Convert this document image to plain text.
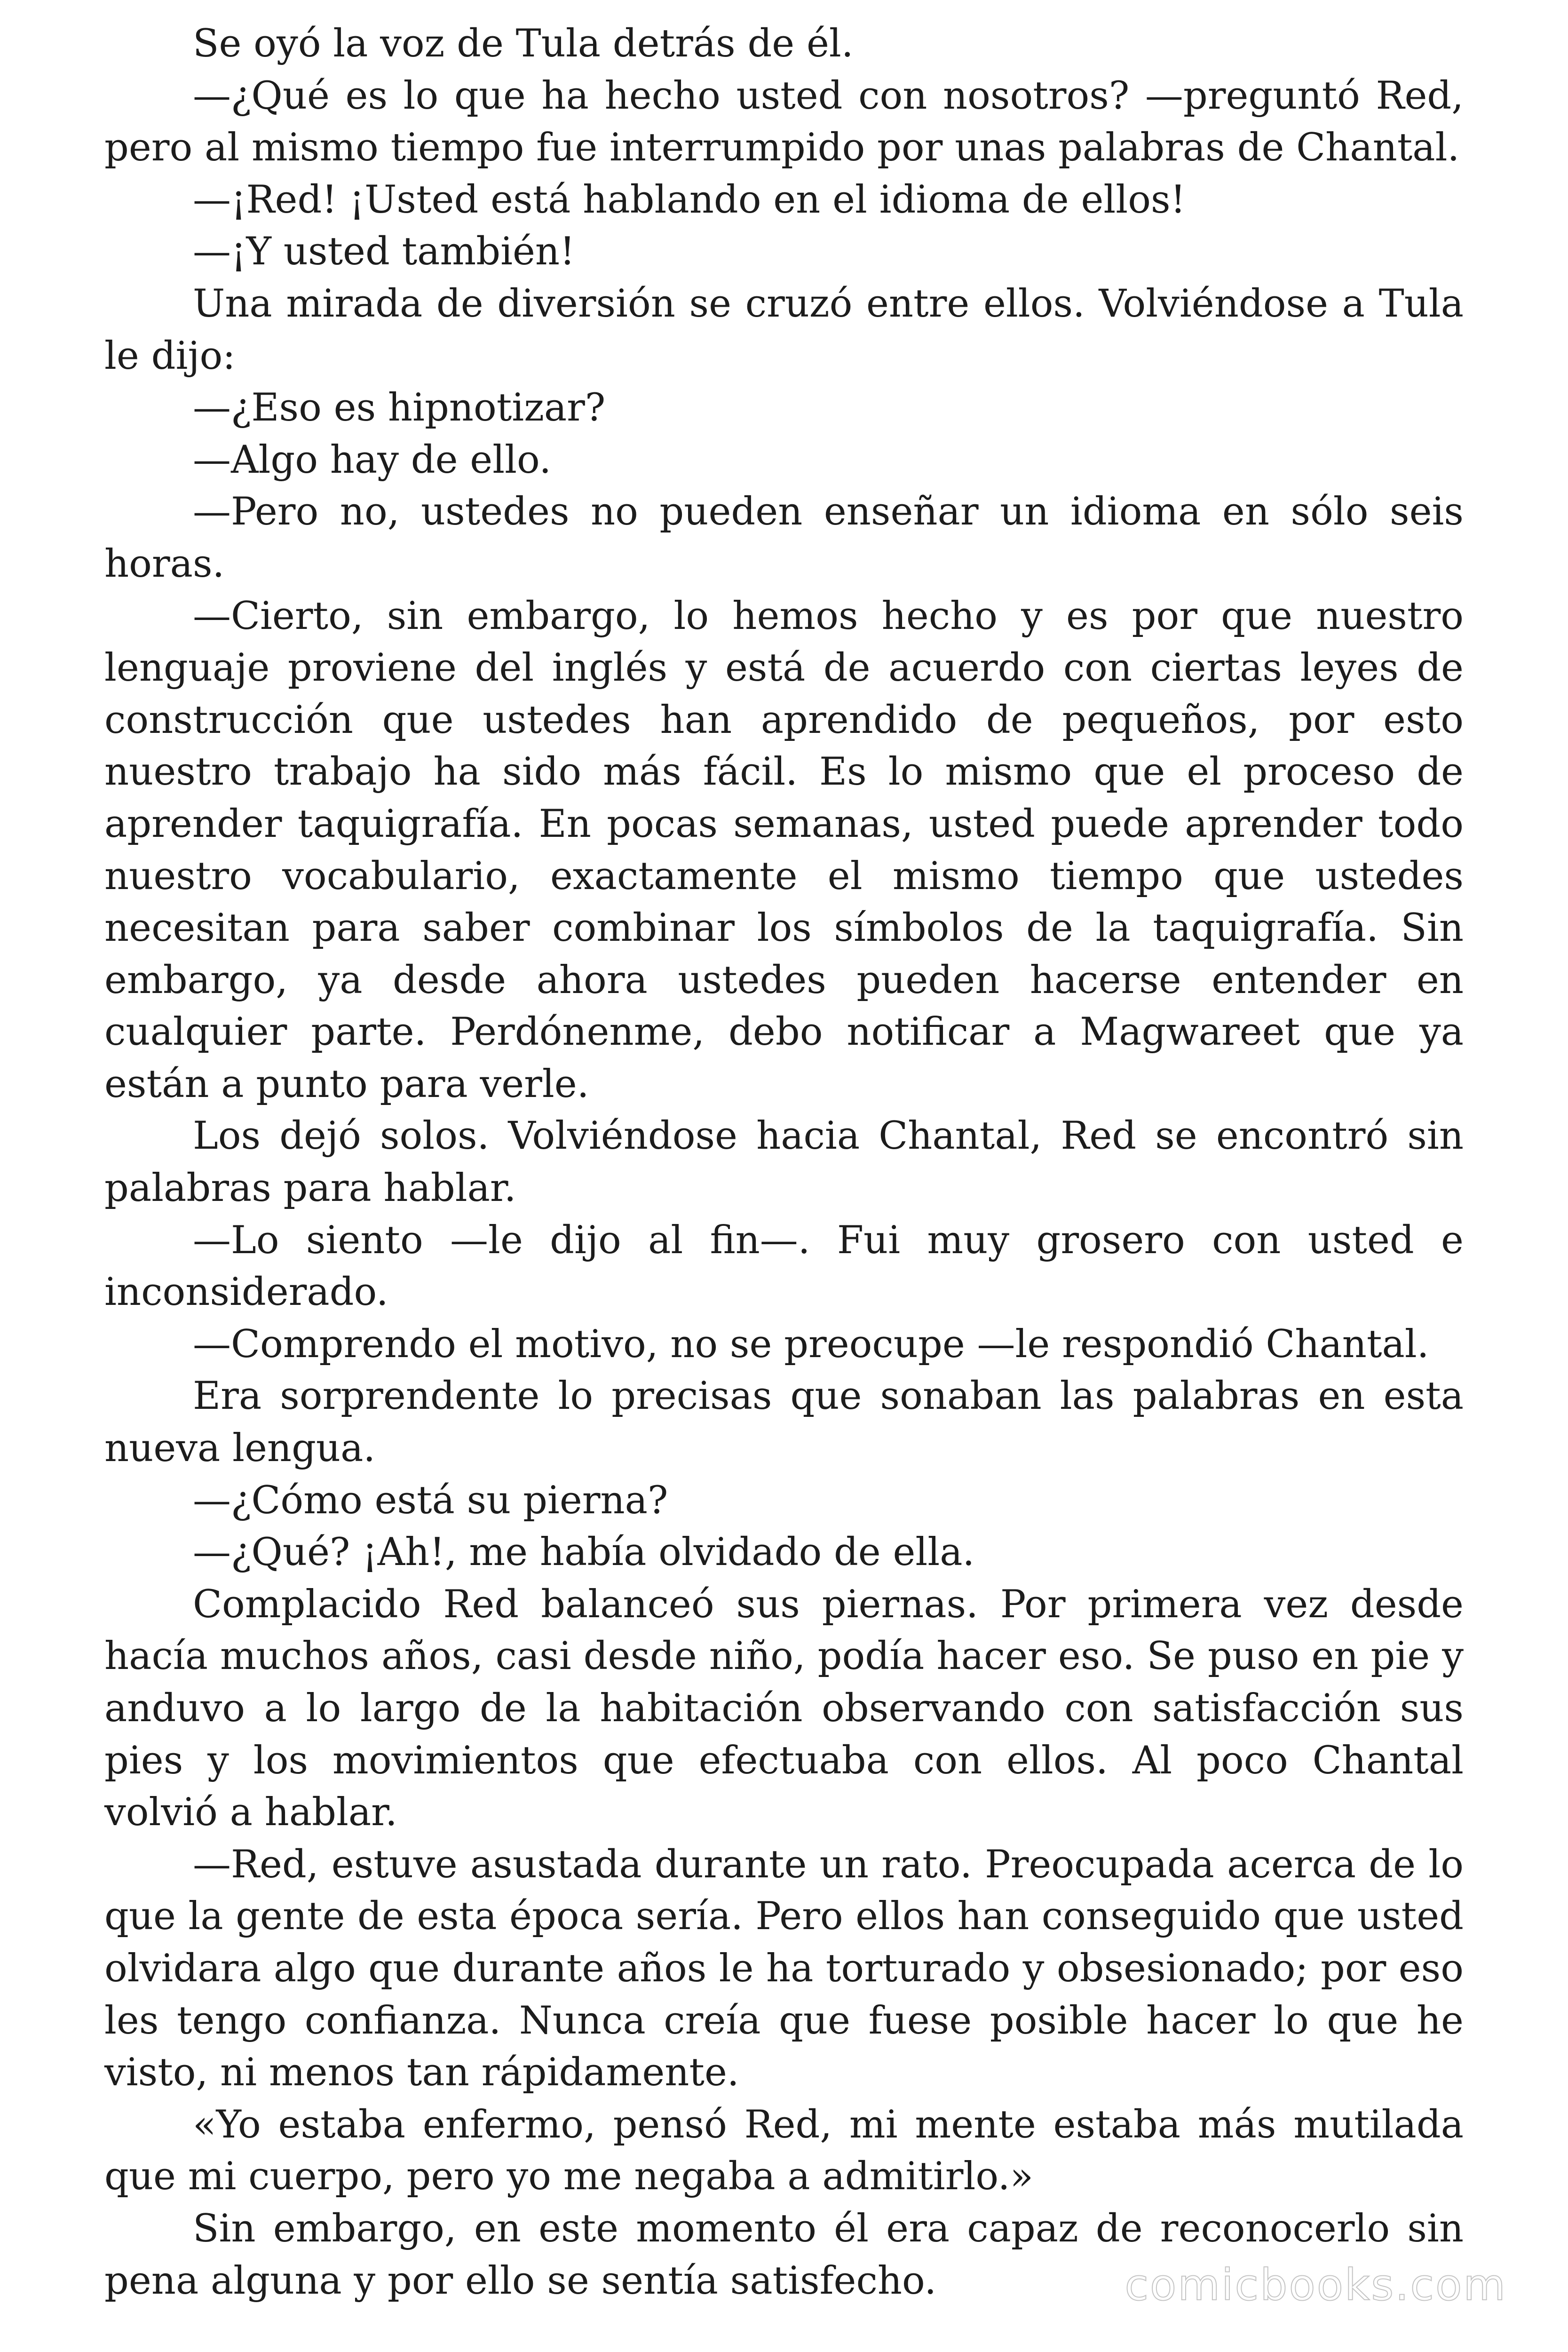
Se oyó la voz de Tula detrás de él.

—¿Qué es lo que ha hecho usted con nosotros? —preguntó Red, pero al mismo tiempo fue interrumpido por unas palabras de Chantal.

—¡Red! ¡Usted está hablando en el idioma de ellos!

—¡Y usted también!

Una mirada de diversión se cruzó entre ellos. Volviéndose a Tula le dijo:

—¿Eso es hipnotizar?

—Algo hay de ello.

—Pero no, ustedes no pueden enseñar un idioma en sólo seis horas.

—Cierto, sin embargo, lo hemos hecho y es por que nuestro lenguaje proviene del inglés y está de acuerdo con ciertas leyes de construcción que ustedes han aprendido de pequeños, por esto nuestro trabajo ha sido más fácil. Es lo mismo que el proceso de aprender taquigrafía. En pocas semanas, usted puede aprender todo nuestro vocabulario, exactamente el mismo tiempo que ustedes necesitan para saber combinar los símbolos de la taquigrafía. Sin embargo, ya desde ahora ustedes pueden hacerse entender en cualquier parte. Perdónenme, debo notificar a Magwareet que ya están a punto para verle.

Los dejó solos. Volviéndose hacia Chantal, Red se encontró sin palabras para hablar.

—Lo siento —le dijo al fin—. Fui muy grosero con usted e inconsiderado.

—Comprendo el motivo, no se preocupe —le respondió Chantal.

Era sorprendente lo precisas que sonaban las palabras en esta nueva lengua.

—¿Cómo está su pierna?

—¿Qué? ¡Ah!, me había olvidado de ella.

Complacido Red balanceó sus piernas. Por primera vez desde hacía muchos años, casi desde niño, podía hacer eso. Se puso en pie y anduvo a lo largo de la habitación observando con satisfacción sus pies y los movimientos que efectuaba con ellos. Al poco Chantal volvió a hablar.

—Red, estuve asustada durante un rato. Preocupada acerca de lo que la gente de esta época sería. Pero ellos han conseguido que usted olvidara algo que durante años le ha torturado y obsesionado; por eso les tengo confianza. Nunca creía que fuese posible hacer lo que he visto, ni menos tan rápidamente.

«Yo estaba enfermo, pensó Red, mi mente estaba más mutilada que mi cuerpo, pero yo me negaba a admitirlo.»

Sin embargo, en este momento él era capaz de reconocerlo sin pena alguna y por ello se sentía satisfecho.	comicbooks.com
